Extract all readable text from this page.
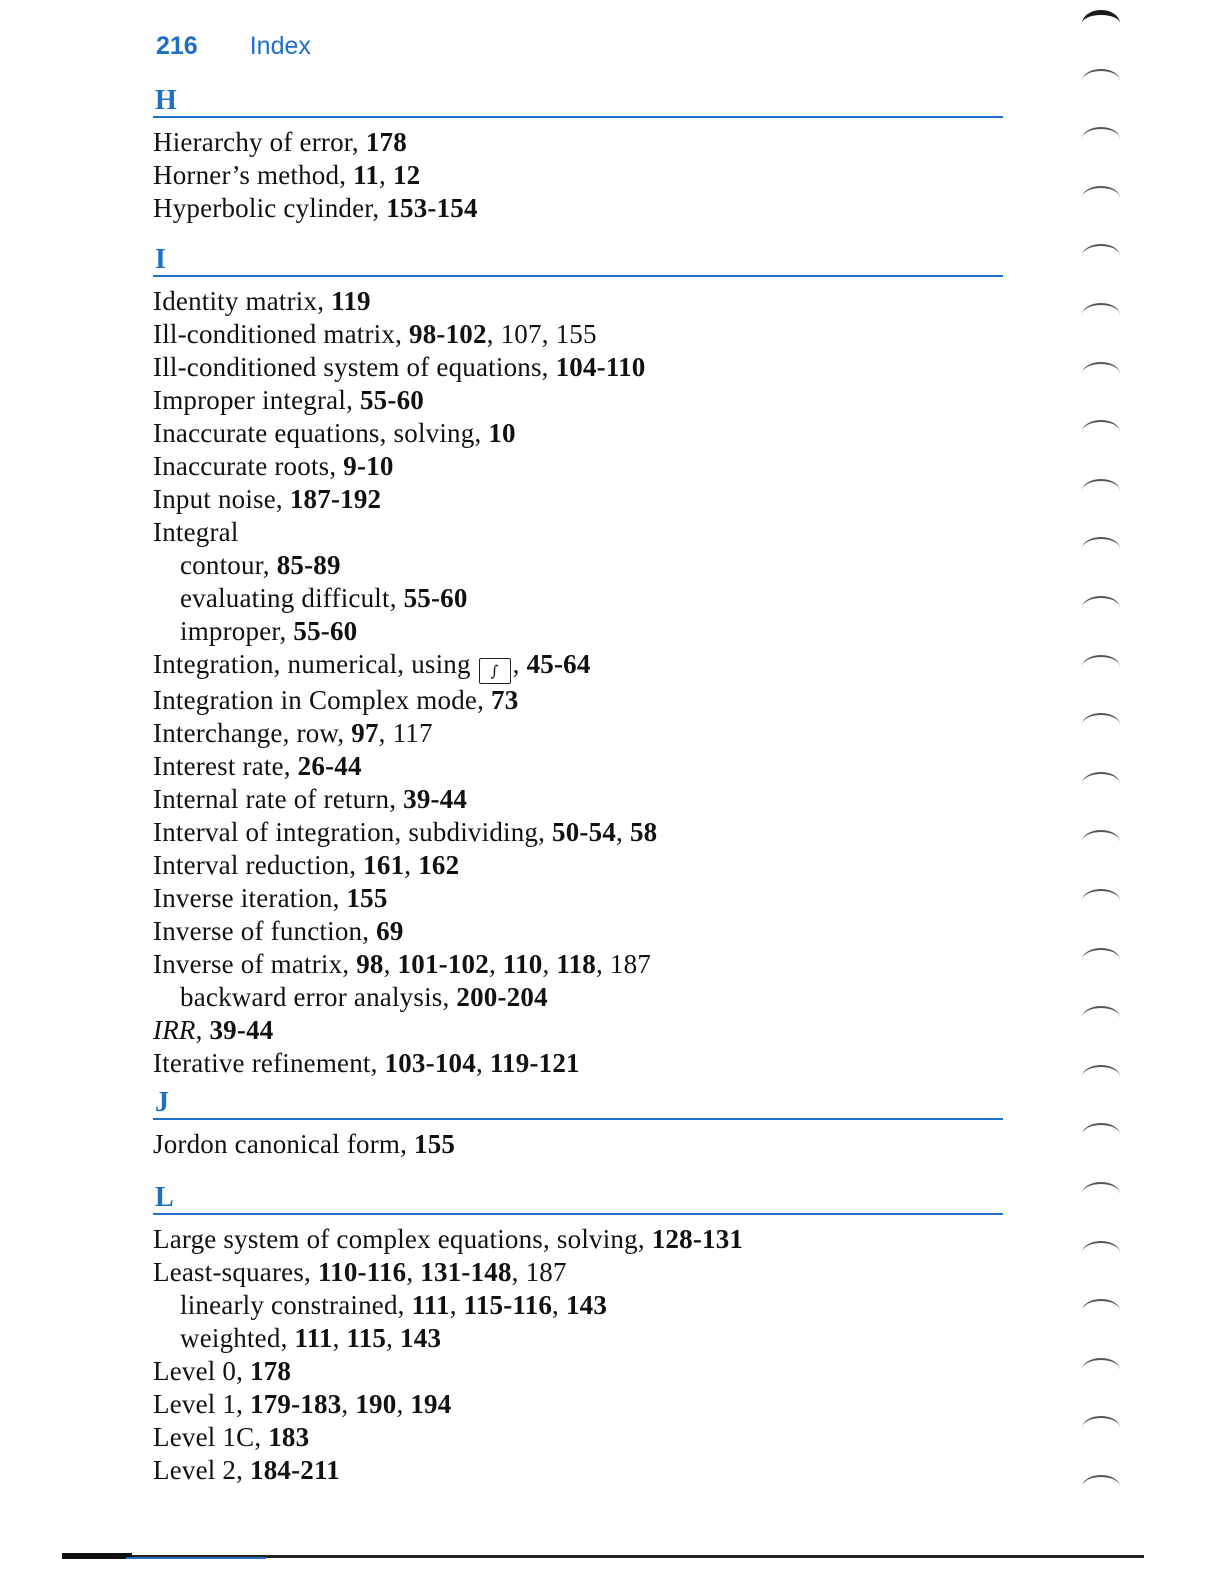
216 Index
H
Hierarchy of error, 178
Horner’s method, 11, 12
Hyperbolic cylinder, 153-154
I
Identity matrix, 119
Ill-conditioned matrix, 98-102, 107, 155
Ill-conditioned system of equations, 104-110
Improper integral, 55-60
Inaccurate equations, solving, 10
Inaccurate roots, 9-10
Input noise, 187-192
Integral
contour, 85-89
evaluating difficult, 55-60
improper, 55-60
Integration, numerical, using ∫ , 45-64
Integration in Complex mode, 73
Interchange, row, 97, 117
Interest rate, 26-44
Internal rate of return, 39-44
Interval of integration, subdividing, 50-54, 58
Interval reduction, 161, 162
Inverse iteration, 155
Inverse of function, 69
Inverse of matrix, 98, 101-102, 110, 118, 187
backward error analysis, 200-204
IRR, 39-44
Iterative refinement, 103-104, 119-121
J
Jordon canonical form, 155
L
Large system of complex equations, solving, 128-131
Least-squares, 110-116, 131-148, 187
linearly constrained, 111, 115-116, 143
weighted, 111, 115, 143
Level 0, 178
Level 1, 179-183, 190, 194
Level 1C, 183
Level 2, 184-211
